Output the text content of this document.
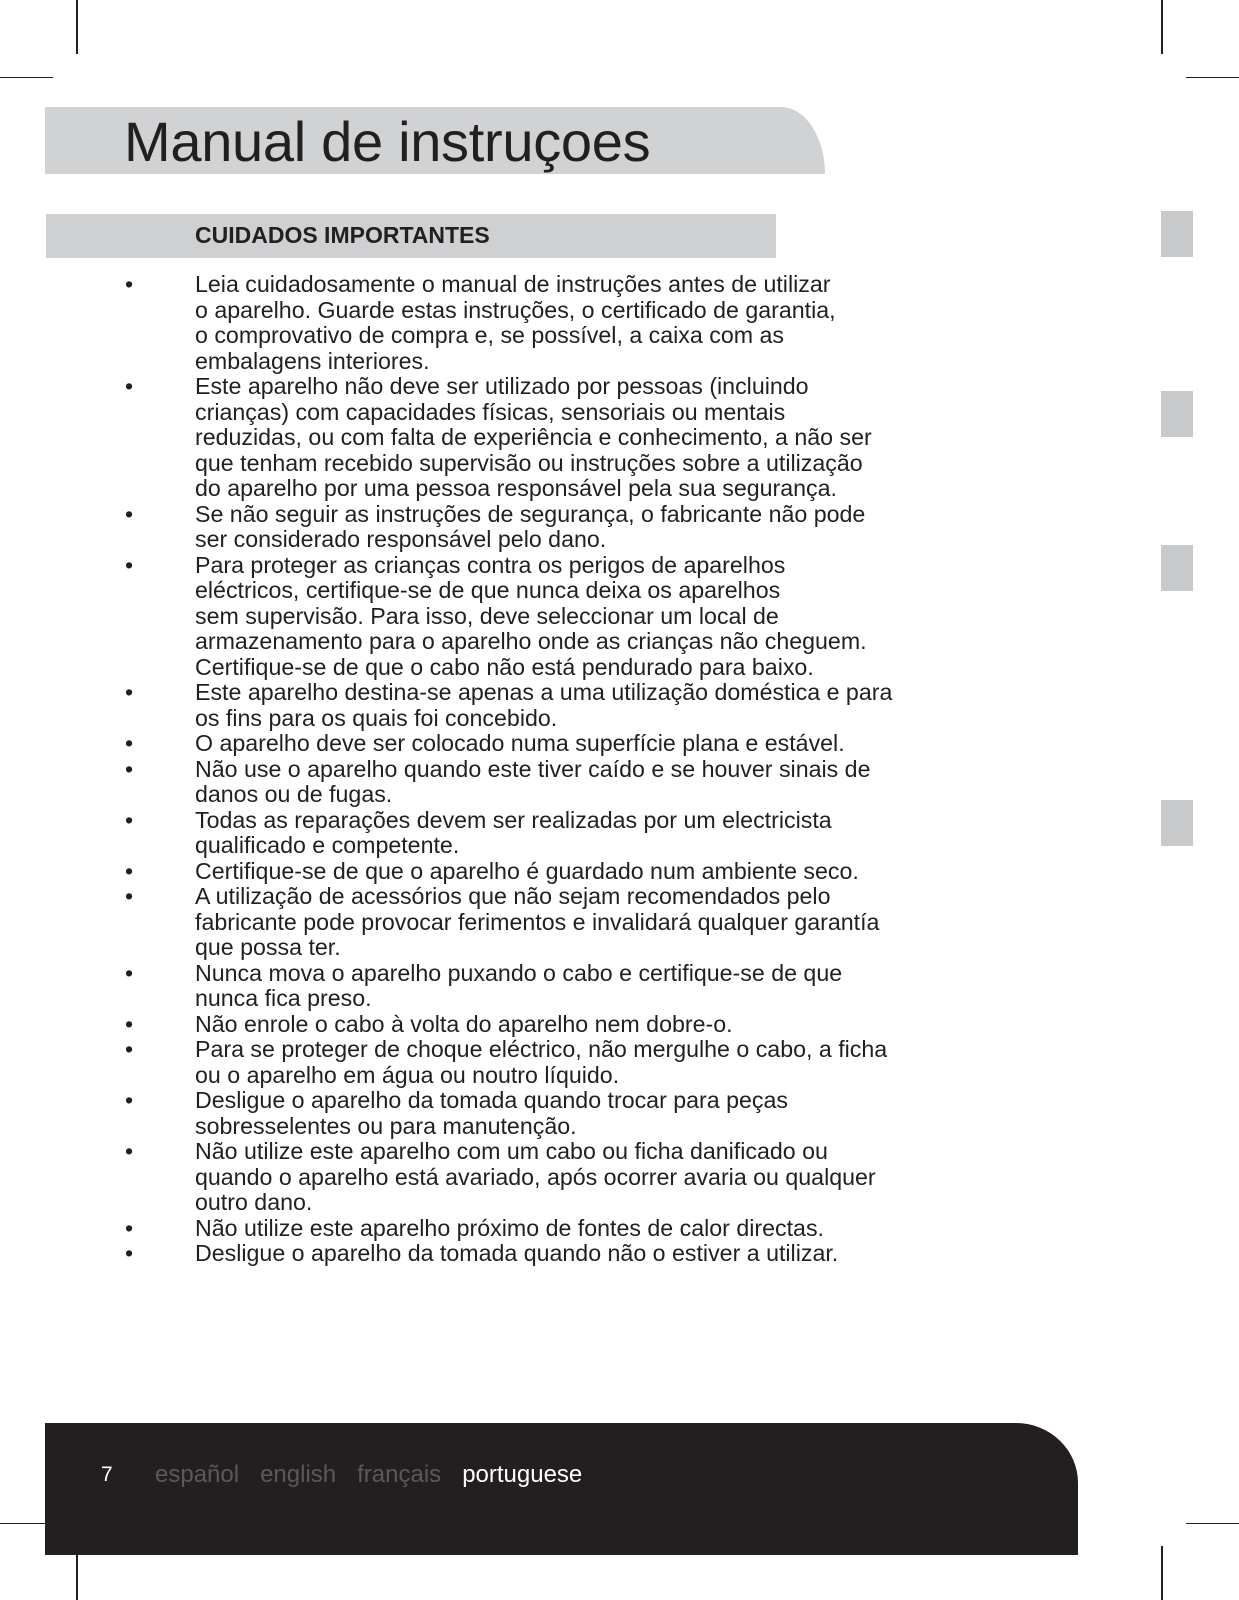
Manual de instruçoes
CUIDADOS IMPORTANTES
•	Leia cuidadosamente o manual de instruções antes de utilizar
o aparelho. Guarde estas instruções, o certificado de garantia,
o comprovativo de compra e, se possível, a caixa com as
embalagens interiores.
•	Este aparelho não deve ser utilizado por pessoas (incluindo
crianças) com capacidades físicas, sensoriais ou mentais
reduzidas, ou com falta de experiência e conhecimento, a não ser
que tenham recebido supervisão ou instruções sobre a utilização
do aparelho por uma pessoa responsável pela sua segurança.
•	Se não seguir as instruções de segurança, o fabricante não pode
ser considerado responsável pelo dano.
•	Para proteger as crianças contra os perigos de aparelhos
eléctricos, certifique-se de que nunca deixa os aparelhos
sem supervisão. Para isso, deve seleccionar um local de
armazenamento para o aparelho onde as crianças não cheguem.
Certifique-se de que o cabo não está pendurado para baixo.
•	Este aparelho destina-se apenas a uma utilização doméstica e para
os fins para os quais foi concebido.
•	O aparelho deve ser colocado numa superfície plana e estável.
•	Não use o aparelho quando este tiver caído e se houver sinais de
danos ou de fugas.
•	Todas as reparações devem ser realizadas por um electricista
qualificado e competente.
•	Certifique-se de que o aparelho é guardado num ambiente seco.
•	A utilização de acessórios que não sejam recomendados pelo
fabricante pode provocar ferimentos e invalidará qualquer garantía
que possa ter.
•	Nunca mova o aparelho puxando o cabo e certifique-se de que
nunca fica preso.
•	Não enrole o cabo à volta do aparelho nem dobre-o.
•	Para se proteger de choque eléctrico, não mergulhe o cabo, a ficha
ou o aparelho em água ou noutro líquido.
•	Desligue o aparelho da tomada quando trocar para peças
sobresselentes ou para manutenção.
•	Não utilize este aparelho com um cabo ou ficha danificado ou
quando o aparelho está avariado, após ocorrer avaria ou qualquer
outro dano.
•	Não utilize este aparelho próximo de fontes de calor directas.
•	Desligue o aparelho da tomada quando não o estiver a utilizar.
7 español english français portuguese
